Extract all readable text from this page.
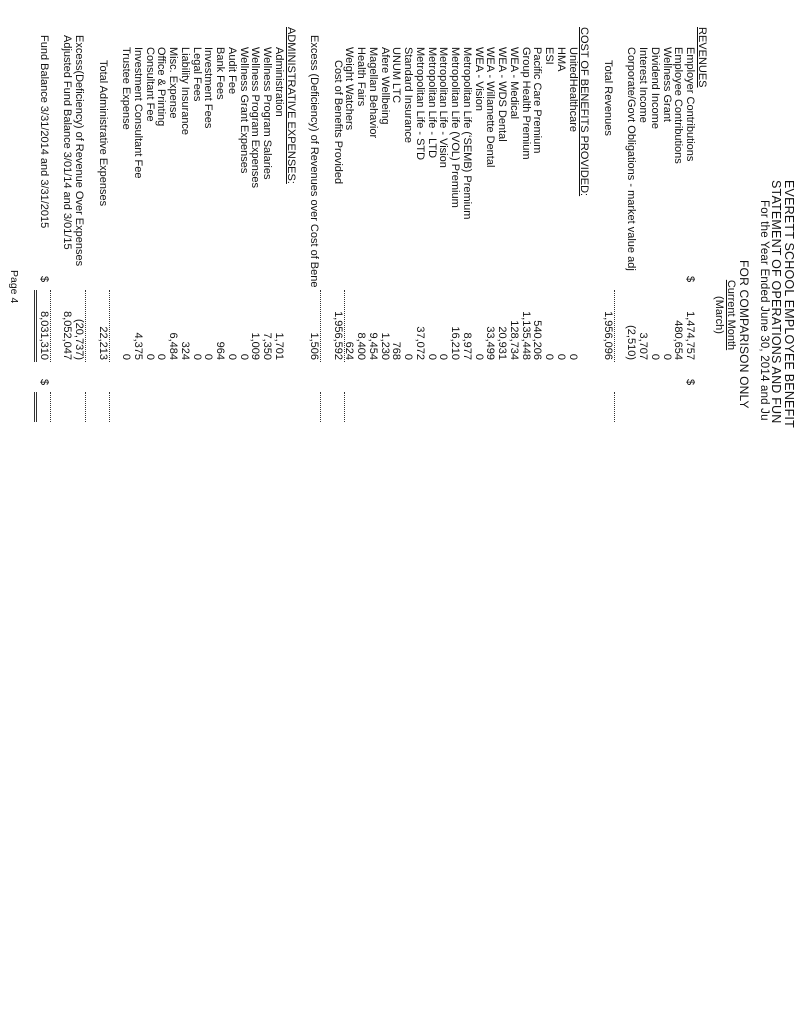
EVERETT SCHOOL EMPLOYEE BENEFIT
STATEMENT OF OPERATIONS AND FUN
For the Year Ended June 30, 2014 and Ju
FOR COMPARISON ONLY
Current Month
(March)
REVENUES
Employer Contributions
$
$
1,474,757
Employee Contributions
480,654
Wellness Grant
0
Dividend Income
0
Interest Income
3,707
Corporate/Govt Obligations - market value adj
(2,510)
Total Revenues
1,956,096
COST OF BENEFITS PROVIDED:
UnitedHealthcare
0
HMA
0
ESI
0
Pacific Care Premium
540,206
Group Health Premium
1,135,448
WEA - Medical
128,734
WEA - WDS Dental
20,931
WEA - Willamette Dental
33,499
WEA - Vision
0
Metropolitan Life (‘SEMB) Premium
8,977
Metropolitan Life (VOL) Premium
16,210
Metropolitan Life - Vision
0
Metropolitan Life - LTD
0
Metropolitan Life - STD
37,072
Standard Insurance
0
UNUM LTC
768
Afere Wellbeing
1,230
Magellan Behavior
9,454
Health Fairs
8,400
Weight Watchers
624
Cost of Benefits Provided
1,956,592
Excess (Deficiency) of Revenues over Cost of Bene
1,506
ADMINISTRATIVE EXPENSES:
Administration
1,701
Wellness Program Salaries
7,350
Wellness Program Expenses
1,009
Wellness Grant Expenses
0
Audit Fee
0
Bank Fees
964
Investment Fees
0
Legal Fees
0
Liability Insurance
324
Misc. Expense
6,484
Office & Printing
0
Consultant Fee
0
Investment Consultant Fee
4,375
Trustee Expense
0
Total Administrative Expenses
22,213
Excess(Deficiency) of Revenue Over Expenses
(20,737)
Adjusted Fund Balance 3/01/14 and 3/01/15
8,052,047
Fund Balance 3/31/2014 and 3/31/2015
$
$
8,031,310
Page 4
